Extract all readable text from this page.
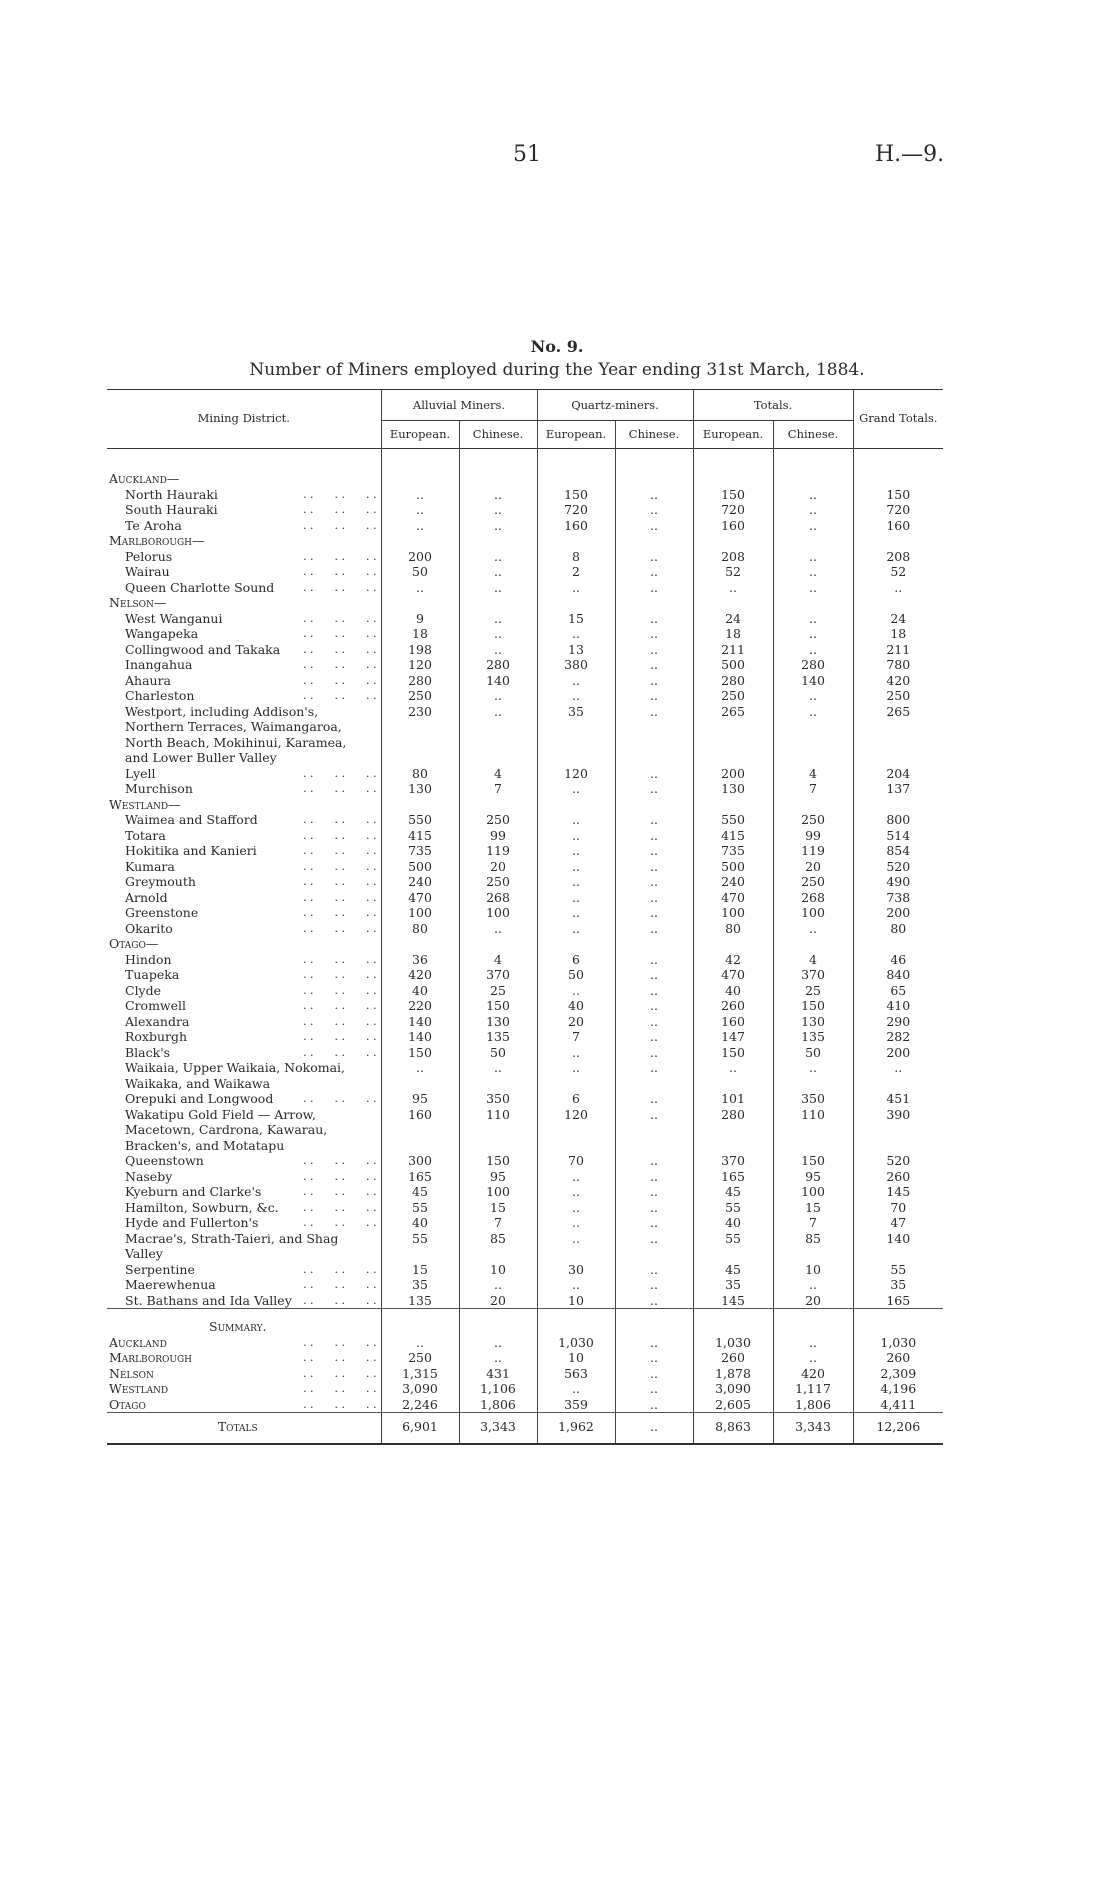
51	H.—9.
No. 9.
Number of Miners employed during the Year ending 31st March, 1884.
Mining District.	Alluvial Miners.		Quartz-miners.		Totals.		Grand Totals.
	European.	Chinese.	European.	Chinese.	European.	Chinese.	

Auckland—							
North Hauraki . .	..	..	150	..	150	..	150
South Hauraki . .	..	..	720	..	720	..	720
Te Aroha . .	..	..	160	..	160	..	160
Marlborough—							
Pelorus . .	200	..	8	..	208	..	208
Wairau . .	50	..	2	..	52	..	52
Queen Charlotte Sound . .	..	..	..	..	..	..	..
Nelson—							
West Wanganui . .	9	..	15	..	24	..	24
Wangapeka . .	18	..	..	..	18	..	18
Collingwood and Takaka . .	198	..	13	..	211	..	211
Inangahua . .	120	280	380	..	500	280	780
Ahaura . .	280	140	..	..	280	140	420
Charleston . .	250	..	..	..	250	..	250
Westport, including Addison's, Northern Terraces, Waimangaroa, North Beach, Mokihinui, Karamea, and Lower Buller Valley	230	..	35	..	265	..	265
Lyell . .	80	4	120	..	200	4	204
Murchison . .	130	7	..	..	130	7	137
Westland—							
Waimea and Stafford . .	550	250	..	..	550	250	800
Totara . .	415	99	..	..	415	99	514
Hokitika and Kanieri . .	735	119	..	..	735	119	854
Kumara . .	500	20	..	..	500	20	520
Greymouth . .	240	250	..	..	240	250	490
Arnold . .	470	268	..	..	470	268	738
Greenstone . .	100	100	..	..	100	100	200
Okarito . .	80	..	..	..	80	..	80
Otago—							
Hindon . .	36	4	6	..	42	4	46
Tuapeka . .	420	370	50	..	470	370	840
Clyde . .	40	25	..	..	40	25	65
Cromwell . .	220	150	40	..	260	150	410
Alexandra . .	140	130	20	..	160	130	290
Roxburgh . .	140	135	7	..	147	135	282
Black's . .	150	50	..	..	150	50	200
Waikaia, Upper Waikaia, Nokomai, Waikaka, and Waikawa	..	..	..	..	..	..	..
Orepuki and Longwood . .	95	350	6	..	101	350	451
Wakatipu Gold Field — Arrow, Macetown, Cardrona, Kawarau, Bracken's, and Motatapu	160	110	120	..	280	110	390
Queenstown . .	300	150	70	..	370	150	520
Naseby . .	165	95	..	..	165	95	260
Kyeburn and Clarke's . .	45	100	..	..	45	100	145
Hamilton, Sowburn, &c. . .	55	15	..	..	55	15	70
Hyde and Fullerton's . .	40	7	..	..	40	7	47
Macrae's, Strath-Taieri, and Shag Valley	55	85	..	..	55	85	140
Serpentine . .	15	10	30	..	45	10	55
Maerewhenua . .	35	..	..	..	35	..	35
St. Bathans and Ida Valley . .	135	20	10	..	145	20	165
Summary.							
Auckland . .	..	..	1,030	..	1,030	..	1,030
Marlborough . .	250	..	10	..	260	..	260
Nelson . .	1,315	431	563	..	1,878	420	2,309
Westland . .	3,090	1,106	..	..	3,090	1,117	4,196
Otago . .	2,246	1,806	359	..	2,605	1,806	4,411
Totals	6,901	3,343	1,962	..	8,863	3,343	12,206
